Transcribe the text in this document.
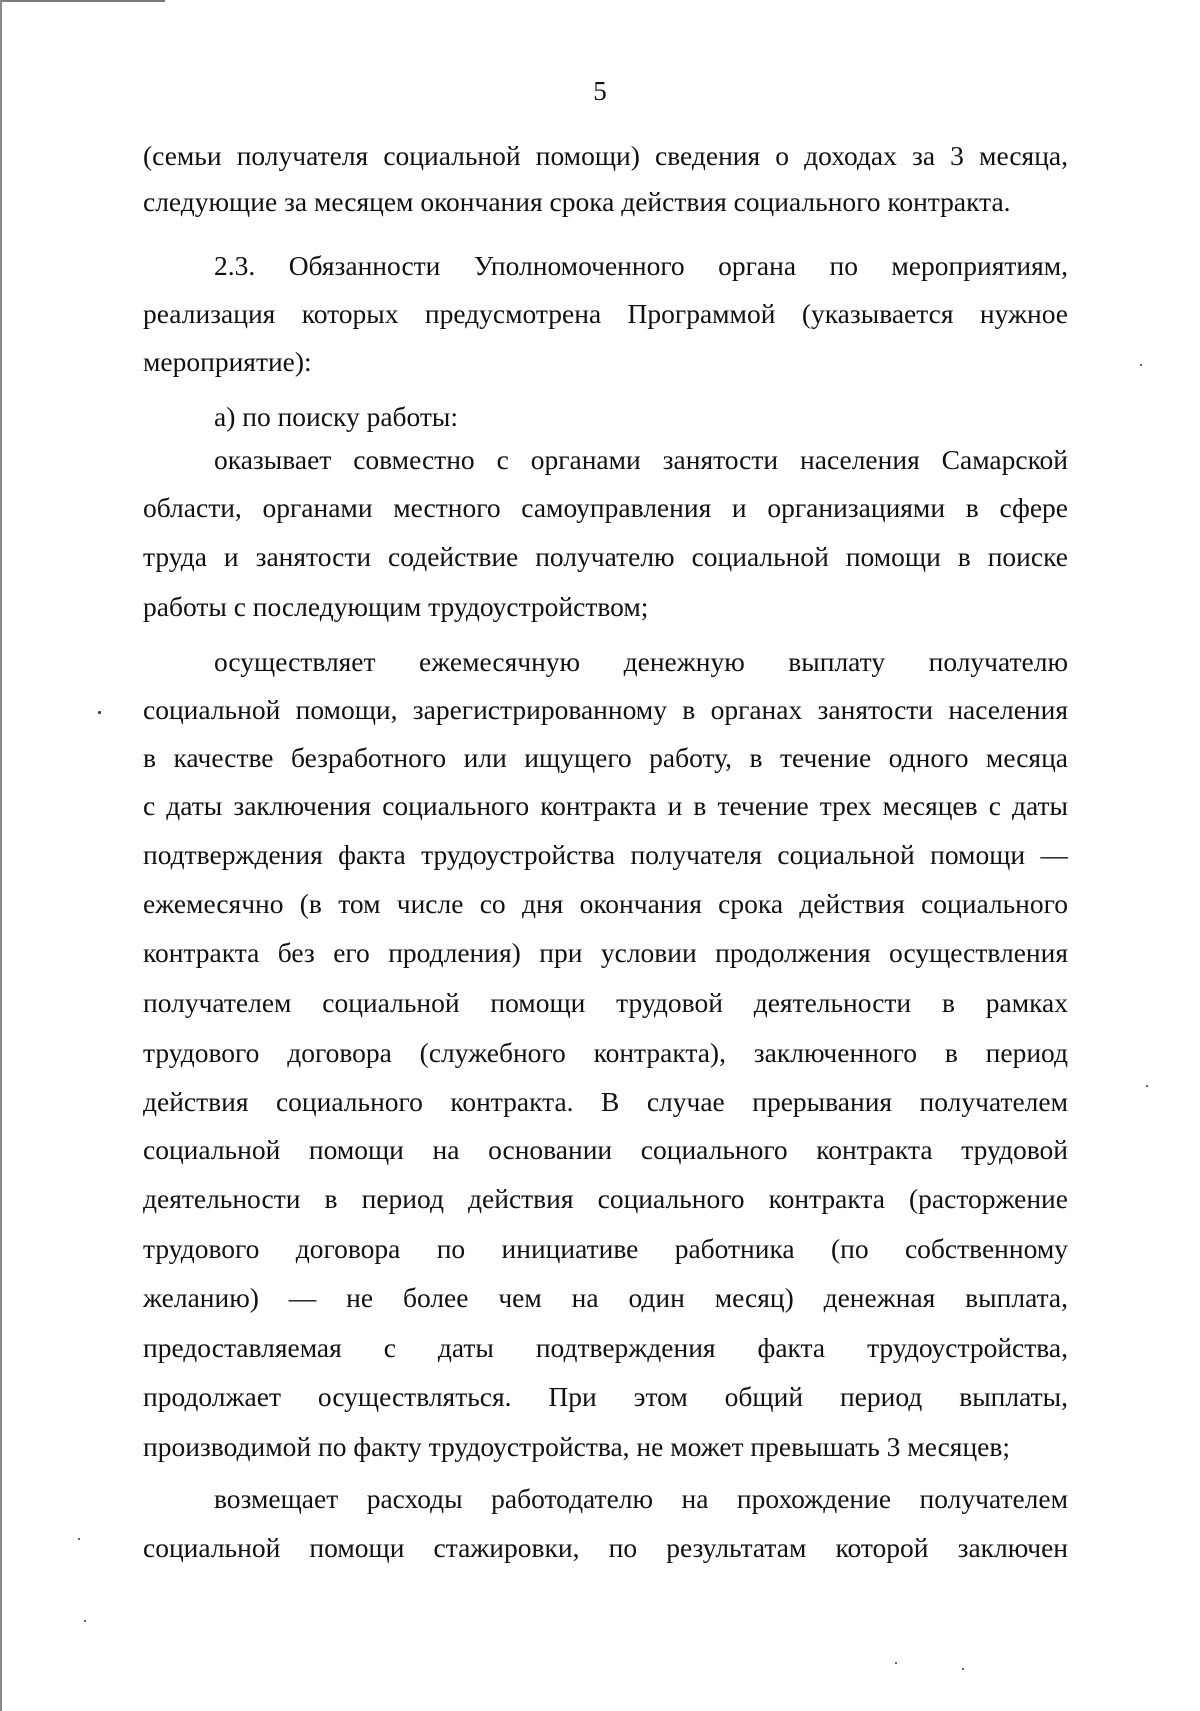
5
(семьи получателя социальной помощи) сведения о доходах за 3 месяца,
следующие за месяцем окончания срока действия социального контракта.
2.3. Обязанности Уполномоченного органа по мероприятиям,
реализация которых предусмотрена Программой (указывается нужное
мероприятие):
а) по поиску работы:
оказывает совместно с органами занятости населения Самарской
области, органами местного самоуправления и организациями в сфере
труда и занятости содействие получателю социальной помощи в поиске
работы с последующим трудоустройством;
осуществляет ежемесячную денежную выплату получателю
социальной помощи, зарегистрированному в органах занятости населения
в качестве безработного или ищущего работу, в течение одного месяца
с даты заключения социального контракта и в течение трех месяцев с даты
подтверждения факта трудоустройства получателя социальной помощи —
ежемесячно (в том числе со дня окончания срока действия социального
контракта без его продления) при условии продолжения осуществления
получателем социальной помощи трудовой деятельности в рамках
трудового договора (служебного контракта), заключенного в период
действия социального контракта. В случае прерывания получателем
социальной помощи на основании социального контракта трудовой
деятельности в период действия социального контракта (расторжение
трудового договора по инициативе работника (по собственному
желанию) — не более чем на один месяц) денежная выплата,
предоставляемая с даты подтверждения факта трудоустройства,
продолжает осуществляться. При этом общий период выплаты,
производимой по факту трудоустройства, не может превышать 3 месяцев;
возмещает расходы работодателю на прохождение получателем
социальной помощи стажировки, по результатам которой заключен
